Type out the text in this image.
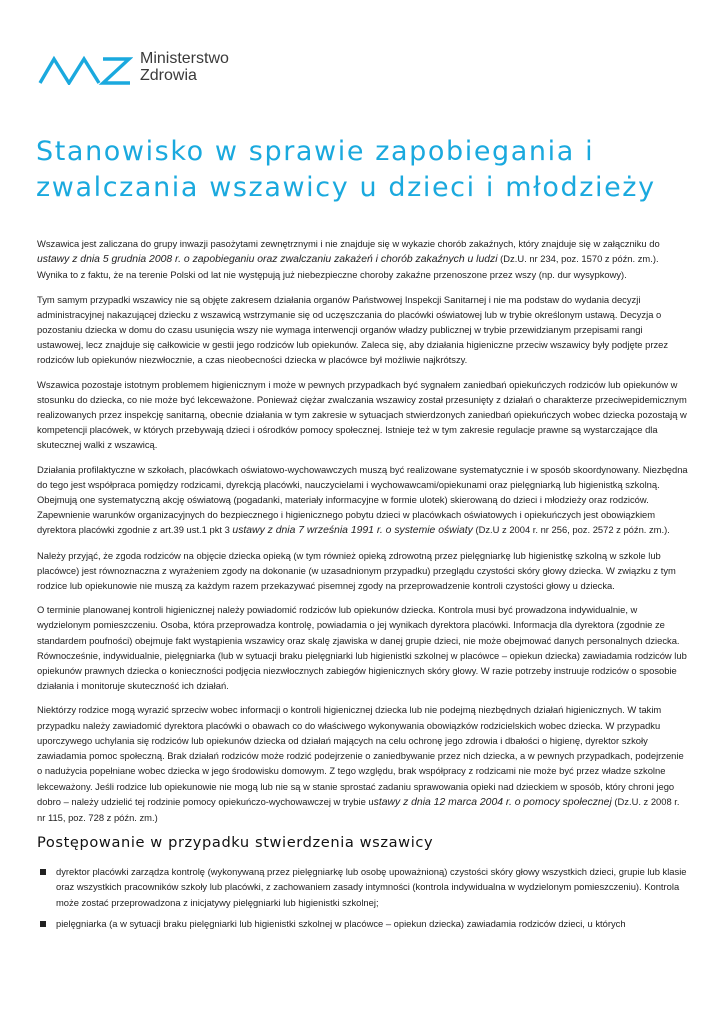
Ministerstwo
Zdrowia
Stanowisko w sprawie zapobiegania i zwalczania wszawicy u dzieci i młodzieży

Wszawica jest zaliczana do grupy inwazji pasożytami zewnętrznymi i nie znajduje się w wykazie chorób zakaźnych, który znajduje się w załączniku do ustawy z dnia 5 grudnia 2008 r. o zapobieganiu oraz zwalczaniu zakażeń i chorób zakaźnych u ludzi (Dz.U. nr 234, poz. 1570 z późn. zm.). Wynika to z faktu, że na terenie Polski od lat nie występują już niebezpieczne choroby zakaźne przenoszone przez wszy (np. dur wysypkowy).

Tym samym przypadki wszawicy nie są objęte zakresem działania organów Państwowej Inspekcji Sanitarnej i nie ma podstaw do wydania decyzji administracyjnej nakazującej dziecku z wszawicą wstrzymanie się od uczęszczania do placówki oświatowej lub w trybie określonym ustawą. Decyzja o pozostaniu dziecka w domu do czasu usunięcia wszy nie wymaga interwencji organów władzy publicznej w trybie przewidzianym przepisami rangi ustawowej, lecz znajduje się całkowicie w gestii jego rodziców lub opiekunów. Zaleca się, aby działania higieniczne przeciw wszawicy były podjęte przez rodziców lub opiekunów niezwłocznie, a czas nieobecności dziecka w placówce był możliwie najkrótszy.

Wszawica pozostaje istotnym problemem higienicznym i może w pewnych przypadkach być sygnałem zaniedbań opiekuńczych rodziców lub opiekunów w stosunku do dziecka, co nie może być lekceważone. Ponieważ ciężar zwalczania wszawicy został przesunięty z działań o charakterze przeciwepidemicznym realizowanych przez inspekcję sanitarną, obecnie działania w tym zakresie w sytuacjach stwierdzonych zaniedbań opiekuńczych wobec dziecka pozostają w kompetencji placówek, w których przebywają dzieci i ośrodków pomocy społecznej. Istnieje też w tym zakresie regulacje prawne są wystarczające dla skutecznej walki z wszawicą.

Działania profilaktyczne w szkołach, placówkach oświatowo-wychowawczych muszą być realizowane systematycznie i w sposób skoordynowany. Niezbędna do tego jest współpraca pomiędzy rodzicami, dyrekcją placówki, nauczycielami i wychowawcami/opiekunami oraz pielęgniarką lub higienistką szkolną. Obejmują one systematyczną akcję oświatową (pogadanki, materiały informacyjne w formie ulotek) skierowaną do dzieci i młodzieży oraz rodziców. Zapewnienie warunków organizacyjnych do bezpiecznego i higienicznego pobytu dzieci w placówkach oświatowych i opiekuńczych jest obowiązkiem dyrektora placówki zgodnie z art.39 ust.1 pkt 3 ustawy z dnia 7 września 1991 r. o systemie oświaty (Dz.U z 2004 r. nr 256, poz. 2572 z późn. zm.).

Należy przyjąć, że zgoda rodziców na objęcie dziecka opieką (w tym również opieką zdrowotną przez pielęgniarkę lub higienistkę szkolną w szkole lub placówce) jest równoznaczna z wyrażeniem zgody na dokonanie (w uzasadnionym przypadku) przeglądu czystości skóry głowy dziecka. W związku z tym rodzice lub opiekunowie nie muszą za każdym razem przekazywać pisemnej zgody na przeprowadzenie kontroli czystości głowy u dziecka.

O terminie planowanej kontroli higienicznej należy powiadomić rodziców lub opiekunów dziecka. Kontrola musi być prowadzona indywidualnie, w wydzielonym pomieszczeniu. Osoba, która przeprowadza kontrolę, powiadamia o jej wynikach dyrektora placówki. Informacja dla dyrektora (zgodnie ze standardem poufności) obejmuje fakt wystąpienia wszawicy oraz skalę zjawiska w danej grupie dzieci, nie może obejmować danych personalnych dziecka. Równocześnie, indywidualnie, pielęgniarka (lub w sytuacji braku pielęgniarki lub higienistki szkolnej w placówce – opiekun dziecka) zawiadamia rodziców lub opiekunów prawnych dziecka o konieczności podjęcia niezwłocznych zabiegów higienicznych skóry głowy. W razie potrzeby instruuje rodziców o sposobie działania i monitoruje skuteczność ich działań.

Niektórzy rodzice mogą wyrazić sprzeciw wobec informacji o kontroli higienicznej dziecka lub nie podejmą niezbędnych działań higienicznych. W takim przypadku należy zawiadomić dyrektora placówki o obawach co do właściwego wykonywania obowiązków rodzicielskich wobec dziecka. W przypadku uporczywego uchylania się rodziców lub opiekunów dziecka od działań mających na celu ochronę jego zdrowia i dbałości o higienę, dyrektor szkoły zawiadamia pomoc społeczną. Brak działań rodziców może rodzić podejrzenie o zaniedbywanie przez nich dziecka, a w pewnych przypadkach, podejrzenie o nadużycia popełniane wobec dziecka w jego środowisku domowym. Z tego względu, brak współpracy z rodzicami nie może być przez władze szkolne lekceważony. Jeśli rodzice lub opiekunowie nie mogą lub nie są w stanie sprostać zadaniu sprawowania opieki nad dzieckiem w sposób, który chroni jego dobro – należy udzielić tej rodzinie pomocy opiekuńczo-wychowawczej w trybie ustawy z dnia 12 marca 2004 r. o pomocy społecznej (Dz.U. z 2008 r. nr 115, poz. 728 z późn. zm.)

Postępowanie w przypadku stwierdzenia wszawicy
dyrektor placówki zarządza kontrolę (wykonywaną przez pielęgniarkę lub osobę upoważnioną) czystości skóry głowy wszystkich dzieci, grupie lub klasie oraz wszystkich pracowników szkoły lub placówki, z zachowaniem zasady intymności (kontrola indywidualna w wydzielonym pomieszczeniu). Kontrola może zostać przeprowadzona z inicjatywy pielęgniarki lub higienistki szkolnej;
pielęgniarka (a w sytuacji braku pielęgniarki lub higienistki szkolnej w placówce – opiekun dziecka) zawiadamia rodziców dzieci, u których
